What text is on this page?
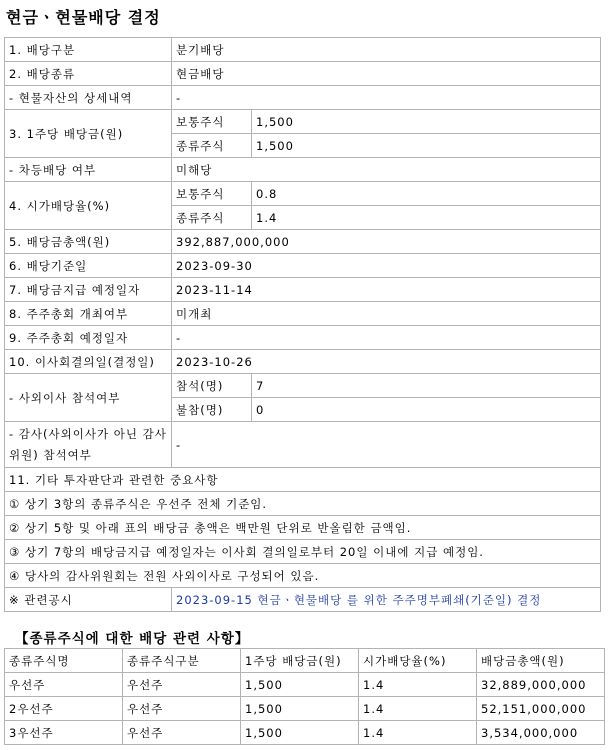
현금ㆍ현물배당 결정
1. 배당구분	분기배당	
2. 배당종류	현금배당	
- 현물자산의 상세내역	-	
3. 1주당 배당금(원)	보통주식	1,500
	종류주식	1,500
- 차등배당 여부	미해당	
4. 시가배당율(%)	보통주식	0.8
	종류주식	1.4
5. 배당금총액(원)	392,887,000,000	
6. 배당기준일	2023-09-30	
7. 배당금지급 예정일자	2023-11-14	
8. 주주총회 개최여부	미개최	
9. 주주총회 예정일자	-	
10. 이사회결의일(결정일)	2023-10-26	
- 사외이사 참석여부	참석(명)	7
	불참(명)	0
- 감사(사외이사가 아닌 감사위원) 참석여부	-	
11. 기타 투자판단과 관련한 중요사항		
① 상기 3항의 종류주식은 우선주 전체 기준임.		
② 상기 5항 및 아래 표의 배당금 총액은 백만원 단위로 반올림한 금액임.		
③ 상기 7항의 배당금지급 예정일자는 이사회 결의일로부터 20일 이내에 지급 예정임.		
④ 당사의 감사위원회는 전원 사외이사로 구성되어 있음.		
※ 관련공시	2023-09-15 현금ㆍ현물배당 를 위한 주주명부폐쇄(기준일) 결정	
【종류주식에 대한 배당 관련 사항】
종류주식명	종류주식구분	1주당 배당금(원)	시가배당율(%)	배당금총액(원)
우선주	우선주	1,500	1.4	32,889,000,000
2우선주	우선주	1,500	1.4	52,151,000,000
3우선주	우선주	1,500	1.4	3,534,000,000
